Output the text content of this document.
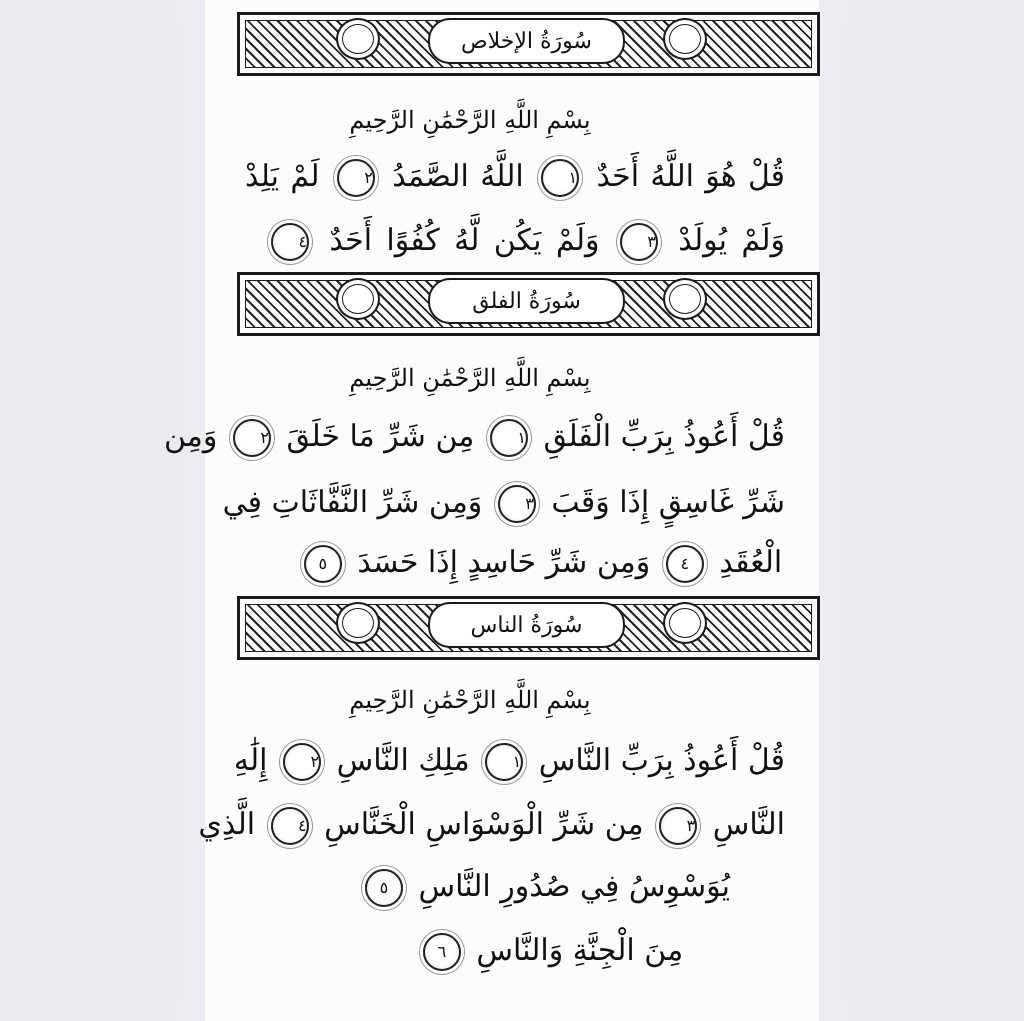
سُورَةُ الإخلاص
بِسْمِ اللَّهِ الرَّحْمَٰنِ الرَّحِيمِ
قُلْ هُوَ اللَّهُ أَحَدٌ ١ اللَّهُ الصَّمَدُ ٢ لَمْ يَلِدْ
وَلَمْ يُولَدْ ٣ وَلَمْ يَكُن لَّهُ كُفُوًا أَحَدٌ ٤
سُورَةُ الفلق
بِسْمِ اللَّهِ الرَّحْمَٰنِ الرَّحِيمِ
قُلْ أَعُوذُ بِرَبِّ الْفَلَقِ ١ مِن شَرِّ مَا خَلَقَ ٢ وَمِن
شَرِّ غَاسِقٍ إِذَا وَقَبَ ٣ وَمِن شَرِّ النَّفَّاثَاتِ فِي
الْعُقَدِ ٤ وَمِن شَرِّ حَاسِدٍ إِذَا حَسَدَ ٥
سُورَةُ الناس
بِسْمِ اللَّهِ الرَّحْمَٰنِ الرَّحِيمِ
قُلْ أَعُوذُ بِرَبِّ النَّاسِ ١ مَلِكِ النَّاسِ ٢ إِلَٰهِ
النَّاسِ ٣ مِن شَرِّ الْوَسْوَاسِ الْخَنَّاسِ ٤ الَّذِي
يُوَسْوِسُ فِي صُدُورِ النَّاسِ ٥
مِنَ الْجِنَّةِ وَالنَّاسِ ٦
